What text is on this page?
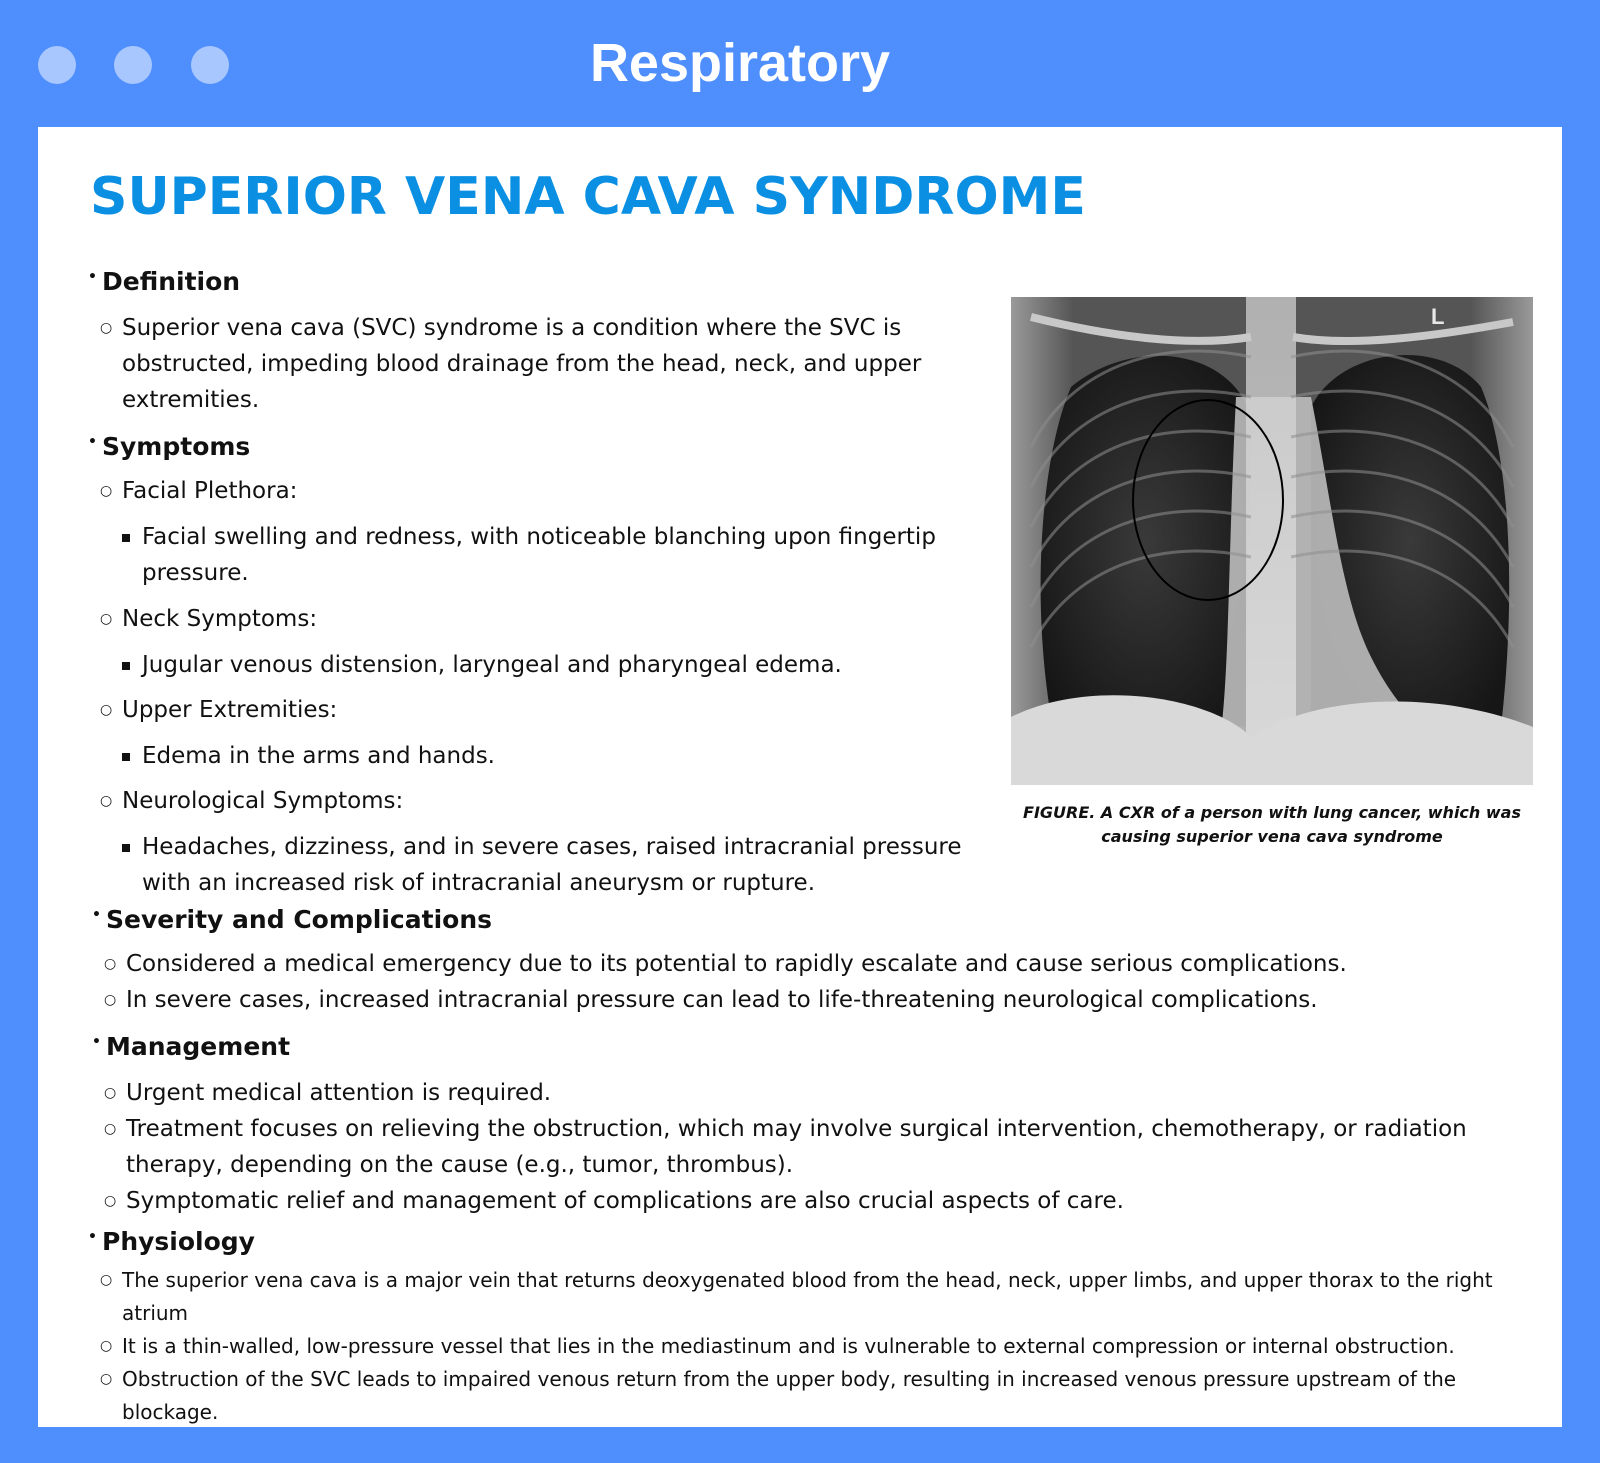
Respiratory
SUPERIOR VENA CAVA SYNDROME
• Definition
○ Superior vena cava (SVC) syndrome is a condition where the SVC is obstructed, impeding blood drainage from the head, neck, and upper extremities.
• Symptoms
○ Facial Plethora:
Facial swelling and redness, with noticeable blanching upon fingertip pressure.
○ Neck Symptoms:
Jugular venous distension, laryngeal and pharyngeal edema.
○ Upper Extremities:
Edema in the arms and hands.
○ Neurological Symptoms:
Headaches, dizziness, and in severe cases, raised intracranial pressure with an increased risk of intracranial aneurysm or rupture.
• Severity and Complications
○ Considered a medical emergency due to its potential to rapidly escalate and cause serious complications.
○ In severe cases, increased intracranial pressure can lead to life-threatening neurological complications.
• Management
○ Urgent medical attention is required.
○ Treatment focuses on relieving the obstruction, which may involve surgical intervention, chemotherapy, or radiation therapy, depending on the cause (e.g., tumor, thrombus).
○ Symptomatic relief and management of complications are also crucial aspects of care.
• Physiology
○ The superior vena cava is a major vein that returns deoxygenated blood from the head, neck, upper limbs, and upper thorax to the right atrium
○ It is a thin-walled, low-pressure vessel that lies in the mediastinum and is vulnerable to external compression or internal obstruction.
○ Obstruction of the SVC leads to impaired venous return from the upper body, resulting in increased venous pressure upstream of the blockage.
L
FIGURE. A CXR of a person with lung cancer, which was causing superior vena cava syndrome
